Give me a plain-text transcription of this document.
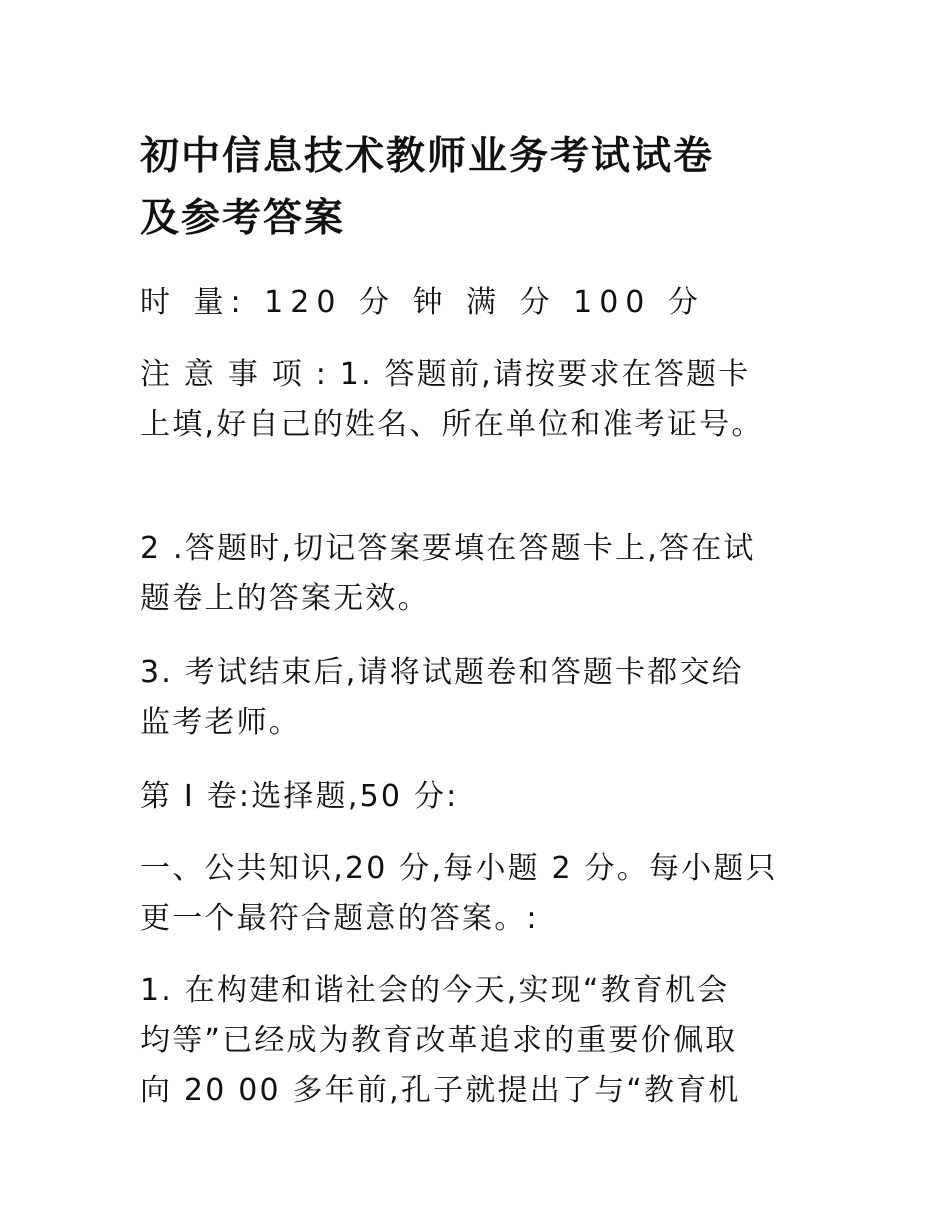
初中信息技术教师业务考试试卷
及参考答案

时 量: 120 分 钟 满 分 100 分

注 意 事 项 : 1. 答题前,请按要求在答题卡
上填,好自己的姓名、所在单位和准考证号。

2 .答题时,切记答案要填在答题卡上,答在试
题卷上的答案无效。

3. 考试结束后,请将试题卷和答题卡都交给
监考老师。

第 I 卷:选择题,50 分:

一、公共知识,20 分,每小题 2 分。每小题只
更一个最符合题意的答案。:

1. 在构建和谐社会的今天,实现“教育机会
均等”已经成为教育改革追求的重要价佩取
向 20 00 多年前,孔子就提出了与“教育机
